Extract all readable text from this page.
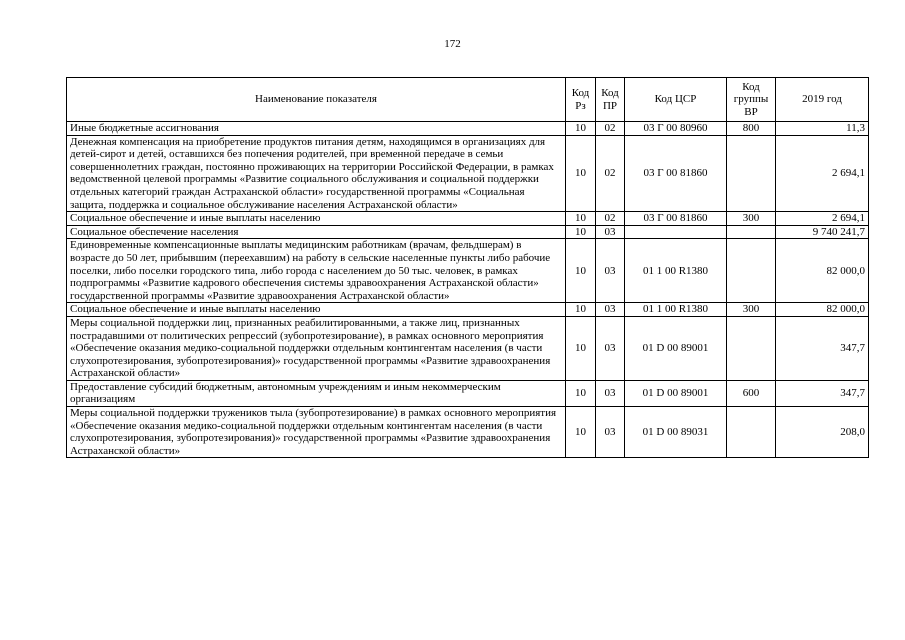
172
Наименование показателя	Код Рз	Код ПР	Код ЦСР	Код группы ВР	2019 год
Иные бюджетные ассигнования	10	02	03 Г 00 80960	800	11,3
Денежная компенсация на приобретение продуктов питания детям, находящимся в организациях для детей-сирот и детей, оставшихся без попечения родителей, при временной передаче в семьи совершеннолетних граждан, постоянно проживающих на территории Российской Федерации, в рамках ведомственной целевой программы «Развитие социального обслуживания и социальной поддержки отдельных категорий граждан Астраханской области» государственной программы «Социальная защита, поддержка и социальное обслуживание населения Астраханской области»	10	02	03 Г 00 81860		2 694,1
Социальное обеспечение и иные выплаты населению	10	02	03 Г 00 81860	300	2 694,1
Социальное обеспечение населения	10	03			9 740 241,7
Единовременные компенсационные выплаты медицинским работникам (врачам, фельдшерам) в возрасте до 50 лет, прибывшим (переехавшим) на работу в сельские населенные пункты либо рабочие поселки, либо поселки городского типа, либо города с населением до 50 тыс. человек, в рамках подпрограммы «Развитие кадрового обеспечения системы здравоохранения Астраханской области» государственной программы «Развитие здравоохранения Астраханской области»	10	03	01 1 00 R1380		82 000,0
Социальное обеспечение и иные выплаты населению	10	03	01 1 00 R1380	300	82 000,0
Меры социальной поддержки лиц, признанных реабилитированными, а также лиц, признанных пострадавшими от политических репрессий (зубопротезирование), в рамках основного мероприятия «Обеспечение оказания медико-социальной поддержки отдельным контингентам населения (в части слухопротезирования, зубопротезирования)» государственной программы «Развитие здравоохранения Астраханской области»	10	03	01 D 00 89001		347,7
Предоставление субсидий бюджетным, автономным учреждениям и иным некоммерческим организациям	10	03	01 D 00 89001	600	347,7
Меры социальной поддержки тружеников тыла (зубопротезирование) в рамках основного мероприятия «Обеспечение оказания медико-социальной поддержки отдельным контингентам населения (в части слухопротезирования, зубопротезирования)» государственной программы «Развитие здравоохранения Астраханской области»	10	03	01 D 00 89031		208,0
